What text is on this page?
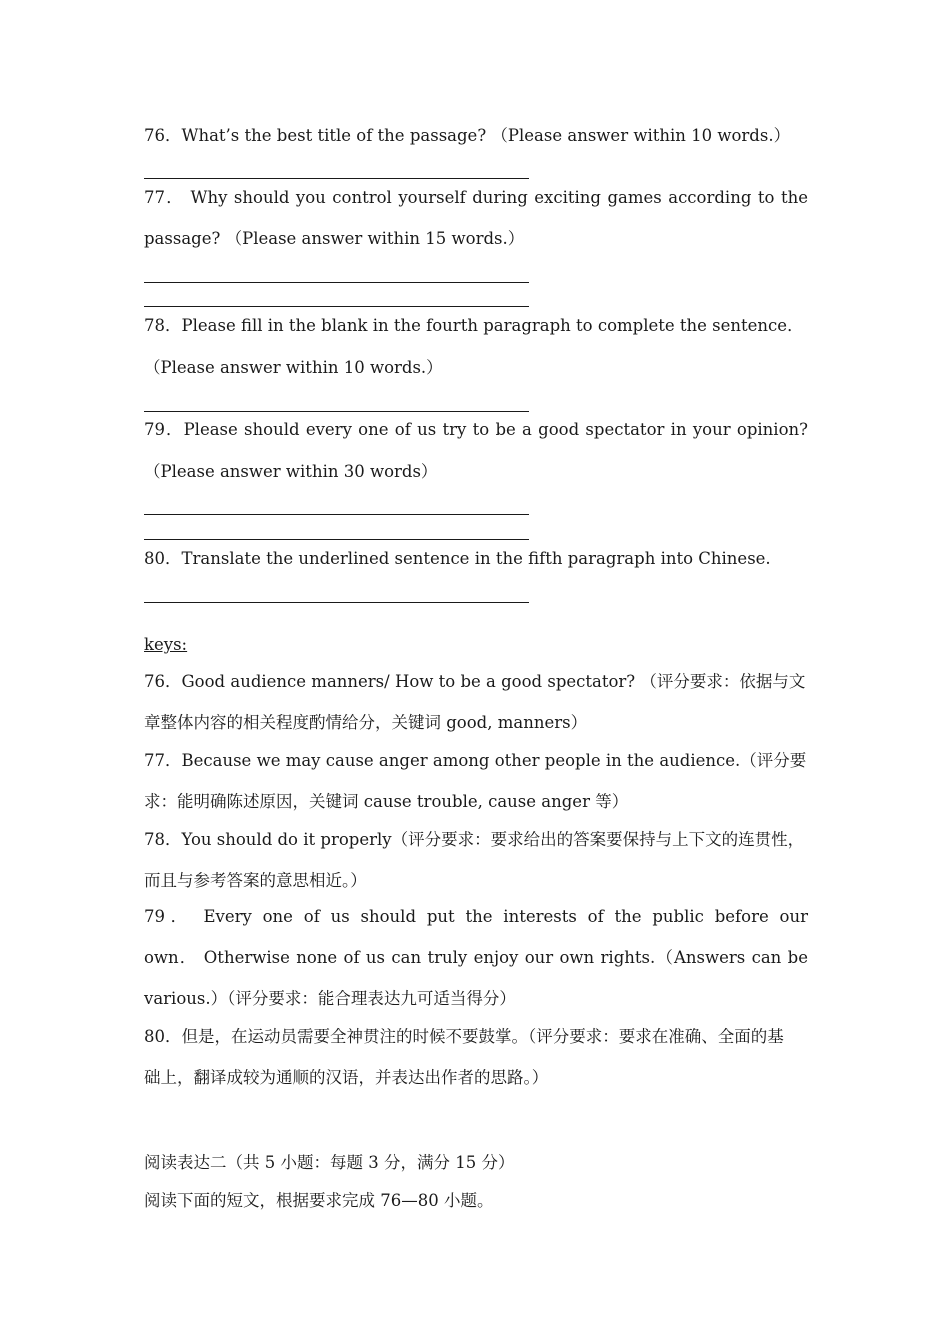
76．What’s the best title of the passage? （Please answer within 10 words.）
77． Why should you control yourself during exciting games according to the
passage? （Please answer within 15 words.）
78．Please fill in the blank in the fourth paragraph to complete the sentence．
（Please answer within 10 words.）
79．Please should every one of us try to be a good spectator in your opinion?
（Please answer within 30 words）
80．Translate the underlined sentence in the fifth paragraph into Chinese.
keys:
76．Good audience manners/ How to be a good spectator? （评分要求：依据与文
章整体内容的相关程度酌情给分，关键词 good, manners）
77．Because we may cause anger among other people in the audience.（评分要
求：能明确陈述原因，关键词 cause trouble, cause anger 等）
78．You should do it properly（评分要求：要求给出的答案要保持与上下文的连贯性，
而且与参考答案的意思相近。）
79． Every one of us should put the interests of the public before our
own． Otherwise none of us can truly enjoy our own rights.（Answers can be
various.）（评分要求：能合理表达九可适当得分）
80．但是，在运动员需要全神贯注的时候不要鼓掌。（评分要求：要求在准确、全面的基
础上，翻译成较为通顺的汉语，并表达出作者的思路。）
阅读表达二（共 5 小题：每题 3 分，满分 15 分）
阅读下面的短文，根据要求完成 76—80 小题。
